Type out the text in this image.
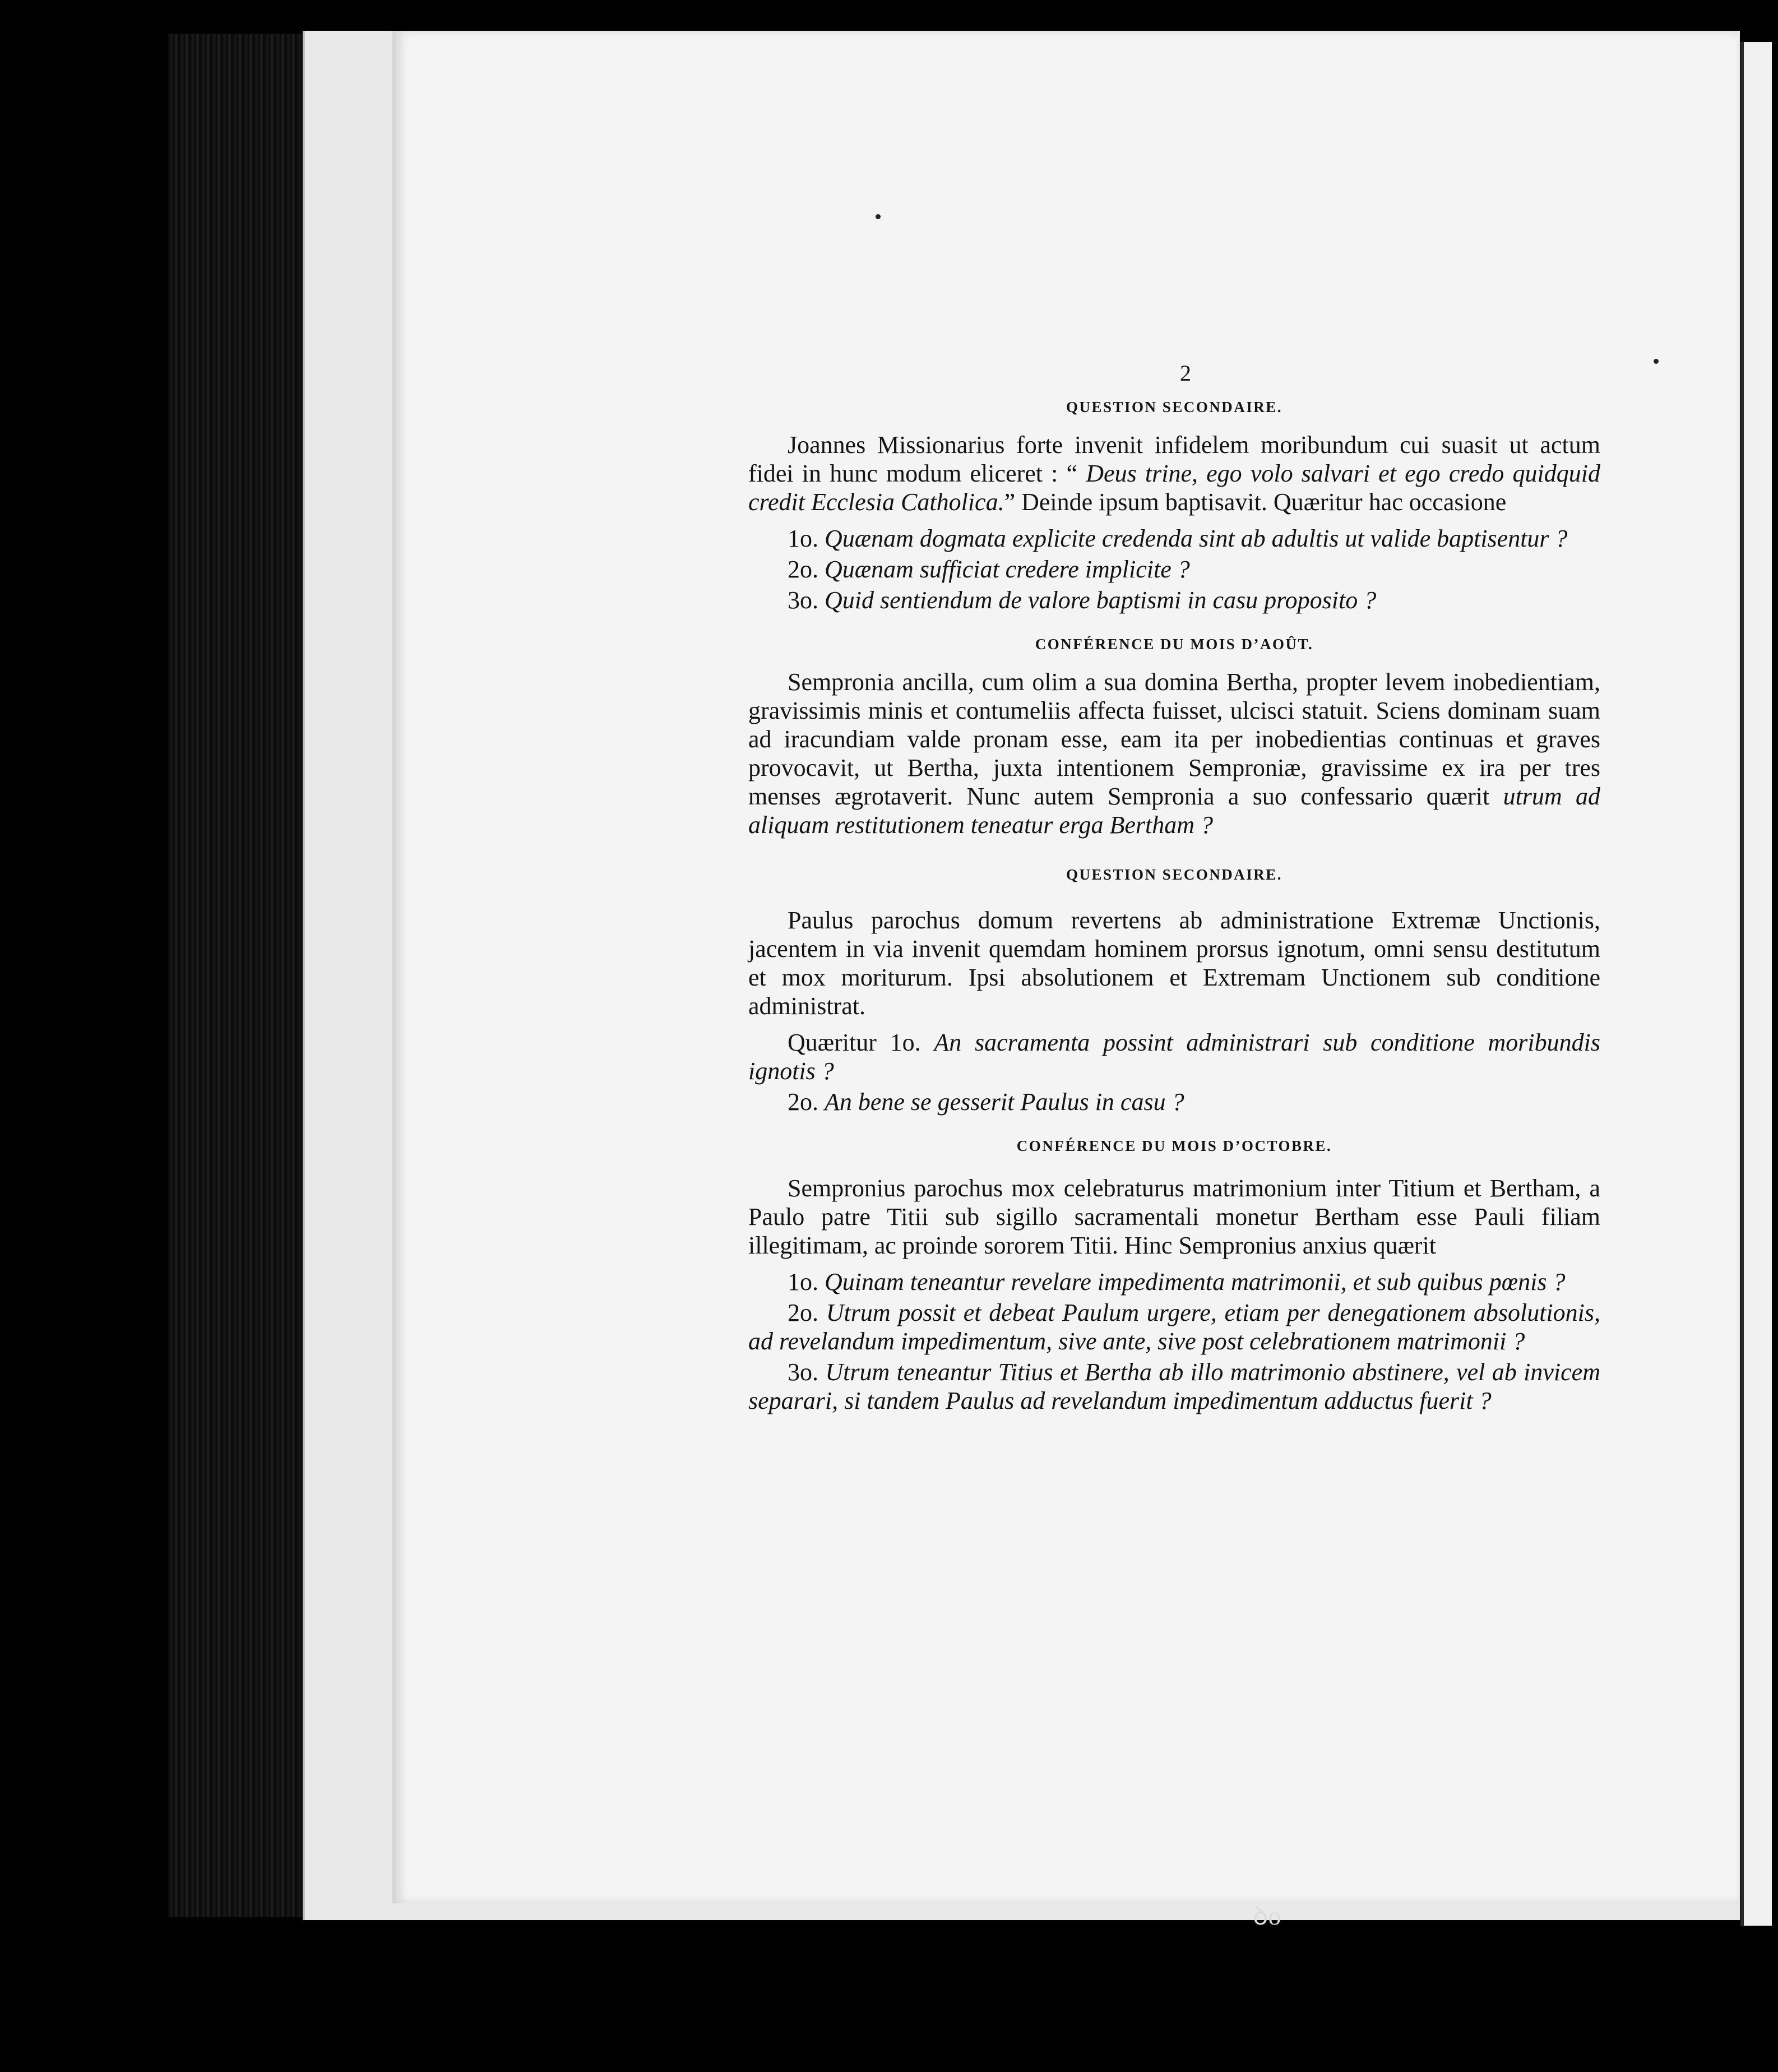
ꝺo
2
QUESTION SECONDAIRE.

Joannes Missionarius forte invenit infidelem moribundum cui suasit ut actum fidei in hunc modum eliceret : “ Deus trine, ego volo salvari et ego credo quidquid credit Ecclesia Catholica.” Deinde ipsum baptisavit. Quæritur hac occasione

1o. Quænam dogmata explicite credenda sint ab adultis ut valide baptisentur ?
2o. Quænam sufficiat credere implicite ?
3o. Quid sentiendum de valore baptismi in casu proposito ?
CONFÉRENCE DU MOIS D’AOÛT.

Sempronia ancilla, cum olim a sua domina Bertha, propter levem inobedientiam, gravissimis minis et contumeliis affecta fuisset, ulcisci statuit. Sciens dominam suam ad iracundiam valde pronam esse, eam ita per inobedientias continuas et graves provocavit, ut Bertha, juxta intentionem Semproniæ, gravissime ex ira per tres menses ægrotaverit. Nunc autem Sempronia a suo confessario quærit utrum ad aliquam restitutionem teneatur erga Bertham ?

QUESTION SECONDAIRE.

Paulus parochus domum revertens ab administratione Extremæ Unctionis, jacentem in via invenit quemdam hominem prorsus ignotum, omni sensu destitutum et mox moriturum. Ipsi absolutionem et Extremam Unctionem sub conditione administrat.

Quæritur 1o. An sacramenta possint administrari sub conditione moribundis ignotis ?
2o. An bene se gesserit Paulus in casu ?
CONFÉRENCE DU MOIS D’OCTOBRE.

Sempronius parochus mox celebraturus matrimonium inter Titium et Bertham, a Paulo patre Titii sub sigillo sacramentali monetur Bertham esse Pauli filiam illegitimam, ac proinde sororem Titii. Hinc Sempronius anxius quærit

1o. Quinam teneantur revelare impedimenta matrimonii, et sub quibus pœnis ?
2o. Utrum possit et debeat Paulum urgere, etiam per denegationem absolutionis, ad revelandum impedimentum, sive ante, sive post celebrationem matrimonii ?
3o. Utrum teneantur Titius et Bertha ab illo matrimonio abstinere, vel ab invicem separari, si tandem Paulus ad revelandum impedimentum adductus fuerit ?
